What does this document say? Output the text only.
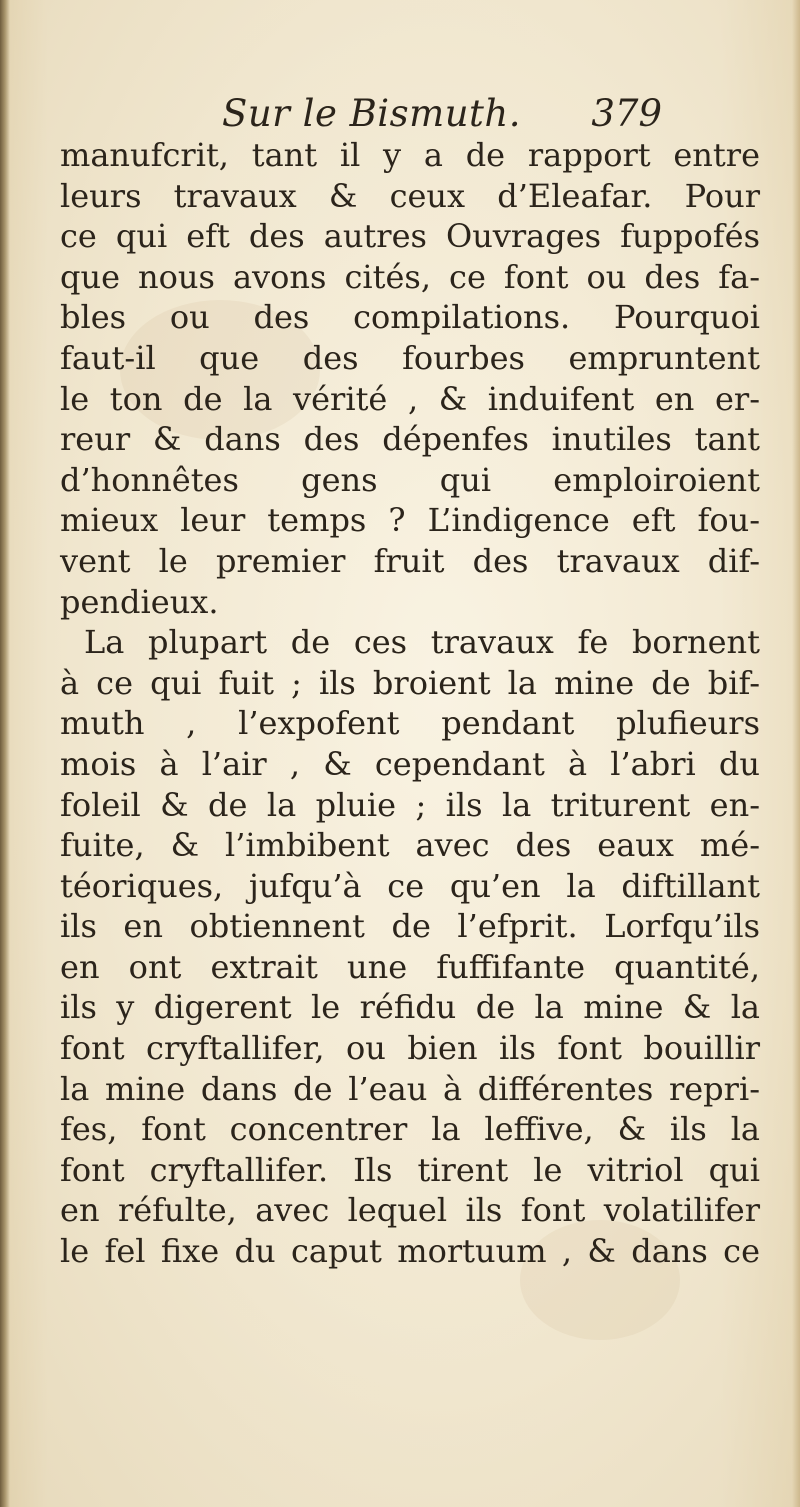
Sur le Bismuth. 379
manufcrit, tant il y a de rapport entre
leurs travaux & ceux d’Eleafar. Pour
ce qui eft des autres Ouvrages fuppofés
que nous avons cités, ce font ou des fa-
bles ou des compilations. Pourquoi
faut-il que des fourbes empruntent
le ton de la vérité , & induifent en er-
reur & dans des dépenfes inutiles tant
d’honnêtes gens qui emploiroient
mieux leur temps ? L’indigence eft fou-
vent le premier fruit des travaux dif-
pendieux.
La plupart de ces travaux fe bornent
à ce qui fuit ; ils broient la mine de bif-
muth , l’expofent pendant plufieurs
mois à l’air , & cependant à l’abri du
foleil & de la pluie ; ils la triturent en-
fuite, & l’imbibent avec des eaux mé-
téoriques, jufqu’à ce qu’en la diftillant
ils en obtiennent de l’efprit. Lorfqu’ils
en ont extrait une fuffifante quantité,
ils y digerent le réfidu de la mine & la
font cryftallifer, ou bien ils font bouillir
la mine dans de l’eau à différentes repri-
fes, font concentrer la leffive, & ils la
font cryftallifer. Ils tirent le vitriol qui
en réfulte, avec lequel ils font volatilifer
le fel fixe du caput mortuum , & dans ce
